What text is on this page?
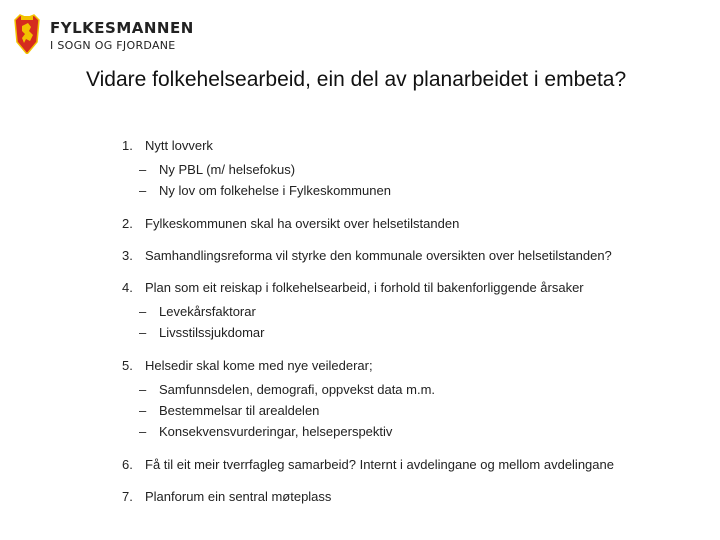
FYLKESMANNEN
I SOGN OG FJORDANE
Vidare folkehelsearbeid, ein del av planarbeidet i embeta?
1. Nytt lovverk
– Ny PBL (m/ helsefokus)
– Ny lov om folkehelse i Fylkeskommunen
2. Fylkeskommunen skal ha oversikt over helsetilstanden
3. Samhandlingsreforma vil styrke den kommunale oversikten over helsetilstanden?
4. Plan som eit reiskap i folkehelsearbeid, i forhold til bakenforliggende årsaker
– Levekårsfaktorar
– Livsstilssjukdomar
5. Helsedir skal kome med nye veilederar;
– Samfunnsdelen, demografi, oppvekst data m.m.
– Bestemmelsar til arealdelen
– Konsekvensvurderingar, helseperspektiv
6. Få til eit meir tverrfagleg samarbeid? Internt i avdelingane og mellom avdelingane
7. Planforum ein sentral møteplass
